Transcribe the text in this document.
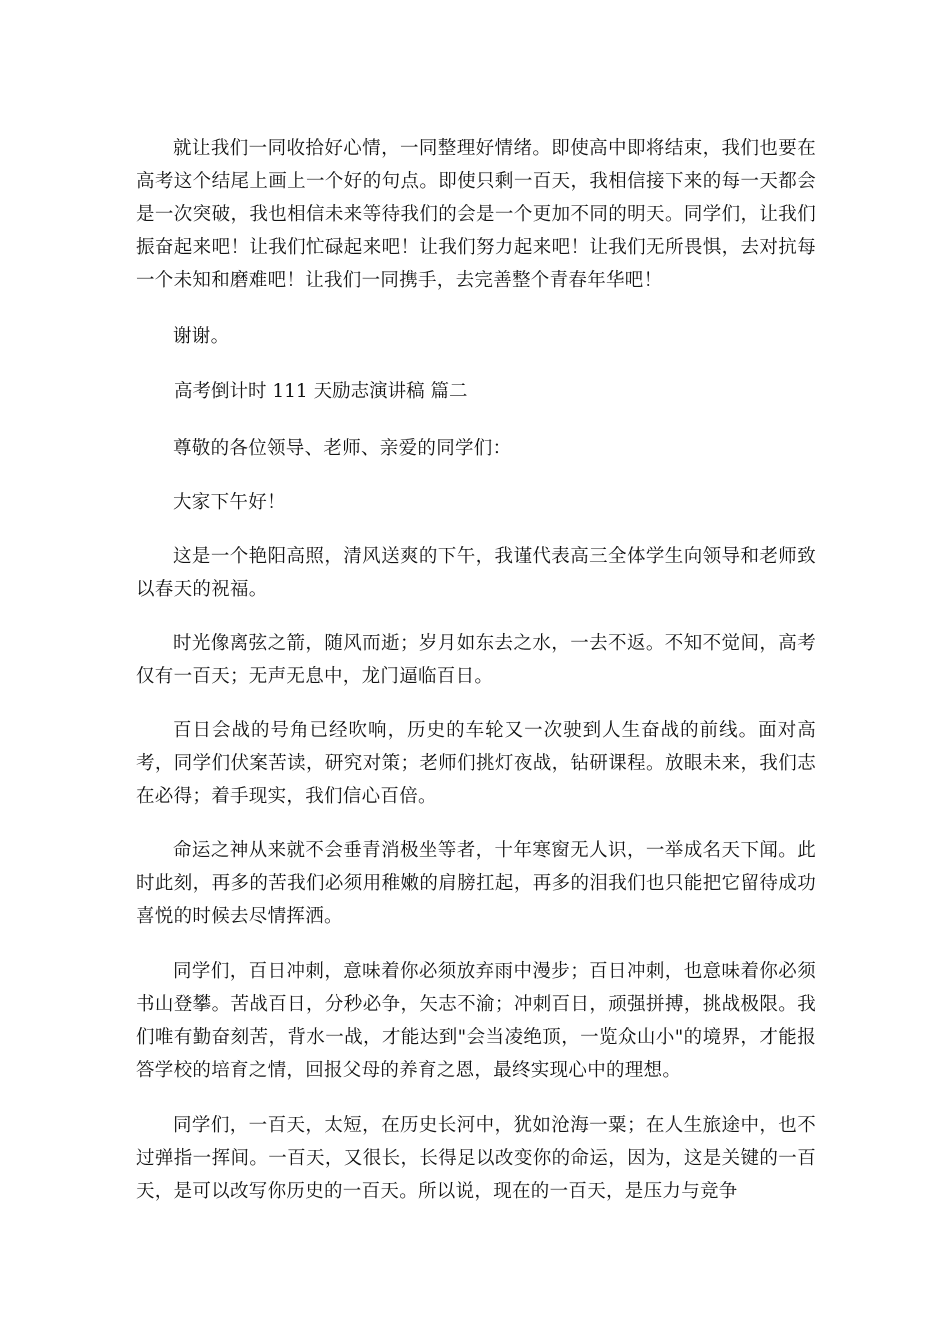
就让我们一同收拾好心情，一同整理好情绪。即使高中即将结束，我们也要在高考这个结尾上画上一个好的句点。即使只剩一百天，我相信接下来的每一天都会是一次突破，我也相信未来等待我们的会是一个更加不同的明天。同学们，让我们振奋起来吧！让我们忙碌起来吧！让我们努力起来吧！让我们无所畏惧，去对抗每一个未知和磨难吧！让我们一同携手，去完善整个青春年华吧！

谢谢。

高考倒计时 111 天励志演讲稿 篇二

尊敬的各位领导、老师、亲爱的同学们：

大家下午好！

这是一个艳阳高照，清风送爽的下午，我谨代表高三全体学生向领导和老师致以春天的祝福。

时光像离弦之箭，随风而逝；岁月如东去之水，一去不返。不知不觉间，高考仅有一百天；无声无息中，龙门逼临百日。

百日会战的号角已经吹响，历史的车轮又一次驶到人生奋战的前线。面对高考，同学们伏案苦读，研究对策；老师们挑灯夜战，钻研课程。放眼未来，我们志在必得；着手现实，我们信心百倍。

命运之神从来就不会垂青消极坐等者，十年寒窗无人识，一举成名天下闻。此时此刻，再多的苦我们必须用稚嫩的肩膀扛起，再多的泪我们也只能把它留待成功喜悦的时候去尽情挥洒。

同学们，百日冲刺，意味着你必须放弃雨中漫步；百日冲刺，也意味着你必须书山登攀。苦战百日，分秒必争，矢志不渝；冲刺百日，顽强拼搏，挑战极限。我们唯有勤奋刻苦，背水一战，才能达到"会当凌绝顶，一览众山小"的境界，才能报答学校的培育之情，回报父母的养育之恩，最终实现心中的理想。

同学们，一百天，太短，在历史长河中，犹如沧海一粟；在人生旅途中，也不过弹指一挥间。一百天，又很长，长得足以改变你的命运，因为，这是关键的一百天，是可以改写你历史的一百天。所以说，现在的一百天，是压力与竞争
